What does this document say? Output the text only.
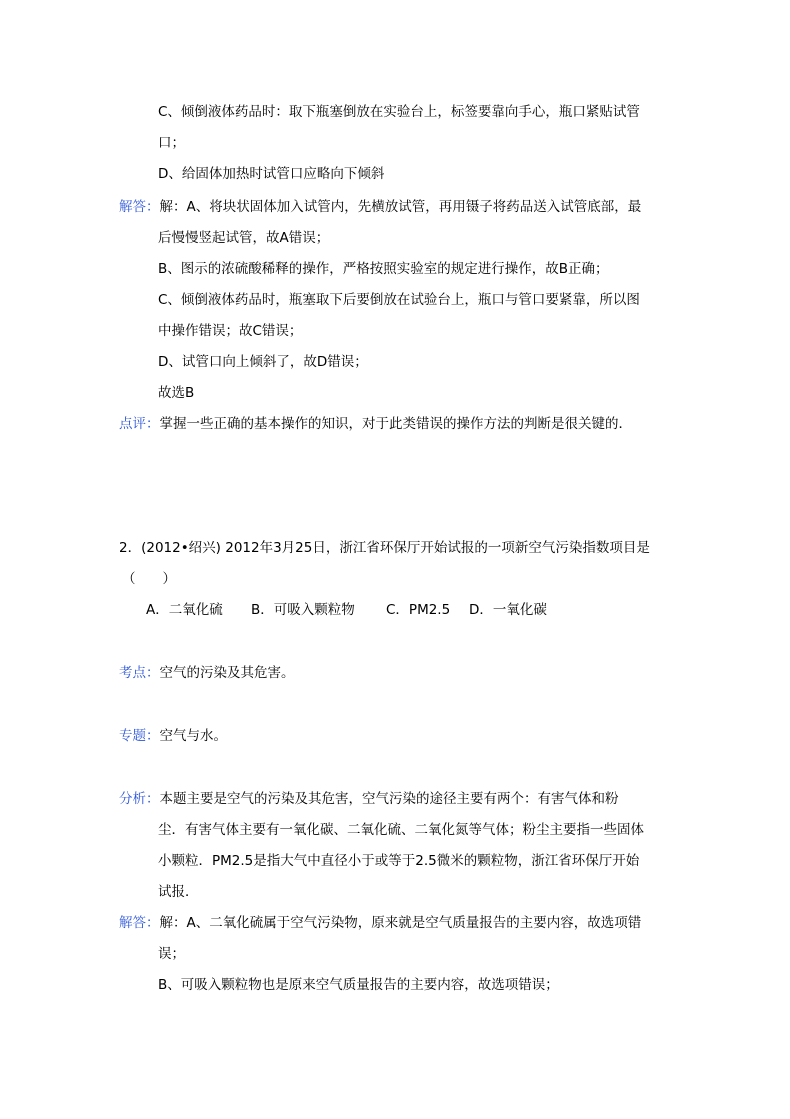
C、倾倒液体药品时：取下瓶塞倒放在实验台上，标签要靠向手心，瓶口紧贴试管
口；
D、给固体加热时试管口应略向下倾斜
解答：解：A、将块状固体加入试管内，先横放试管，再用镊子将药品送入试管底部，最
后慢慢竖起试管，故A错误；
B、图示的浓硫酸稀释的操作，严格按照实验室的规定进行操作，故B正确；
C、倾倒液体药品时，瓶塞取下后要倒放在试验台上，瓶口与管口要紧靠，所以图
中操作错误；故C错误；
D、试管口向上倾斜了，故D错误；
故选B
点评：掌握一些正确的基本操作的知识，对于此类错误的操作方法的判断是很关键的．
2．(2012•绍兴) 2012年3月25日，浙江省环保厅开始试报的一项新空气污染指数项目是
（　　）
A．二氧化硫 B．可吸入颗粒物 C．PM2.5 D．一氧化碳
考点：空气的污染及其危害。
专题：空气与水。
分析：本题主要是空气的污染及其危害，空气污染的途径主要有两个：有害气体和粉
尘．有害气体主要有一氧化碳、二氧化硫、二氧化氮等气体；粉尘主要指一些固体
小颗粒．PM2.5是指大气中直径小于或等于2.5微米的颗粒物，浙江省环保厅开始
试报．
解答：解：A、二氧化硫属于空气污染物，原来就是空气质量报告的主要内容，故选项错
误；
B、可吸入颗粒物也是原来空气质量报告的主要内容，故选项错误；
